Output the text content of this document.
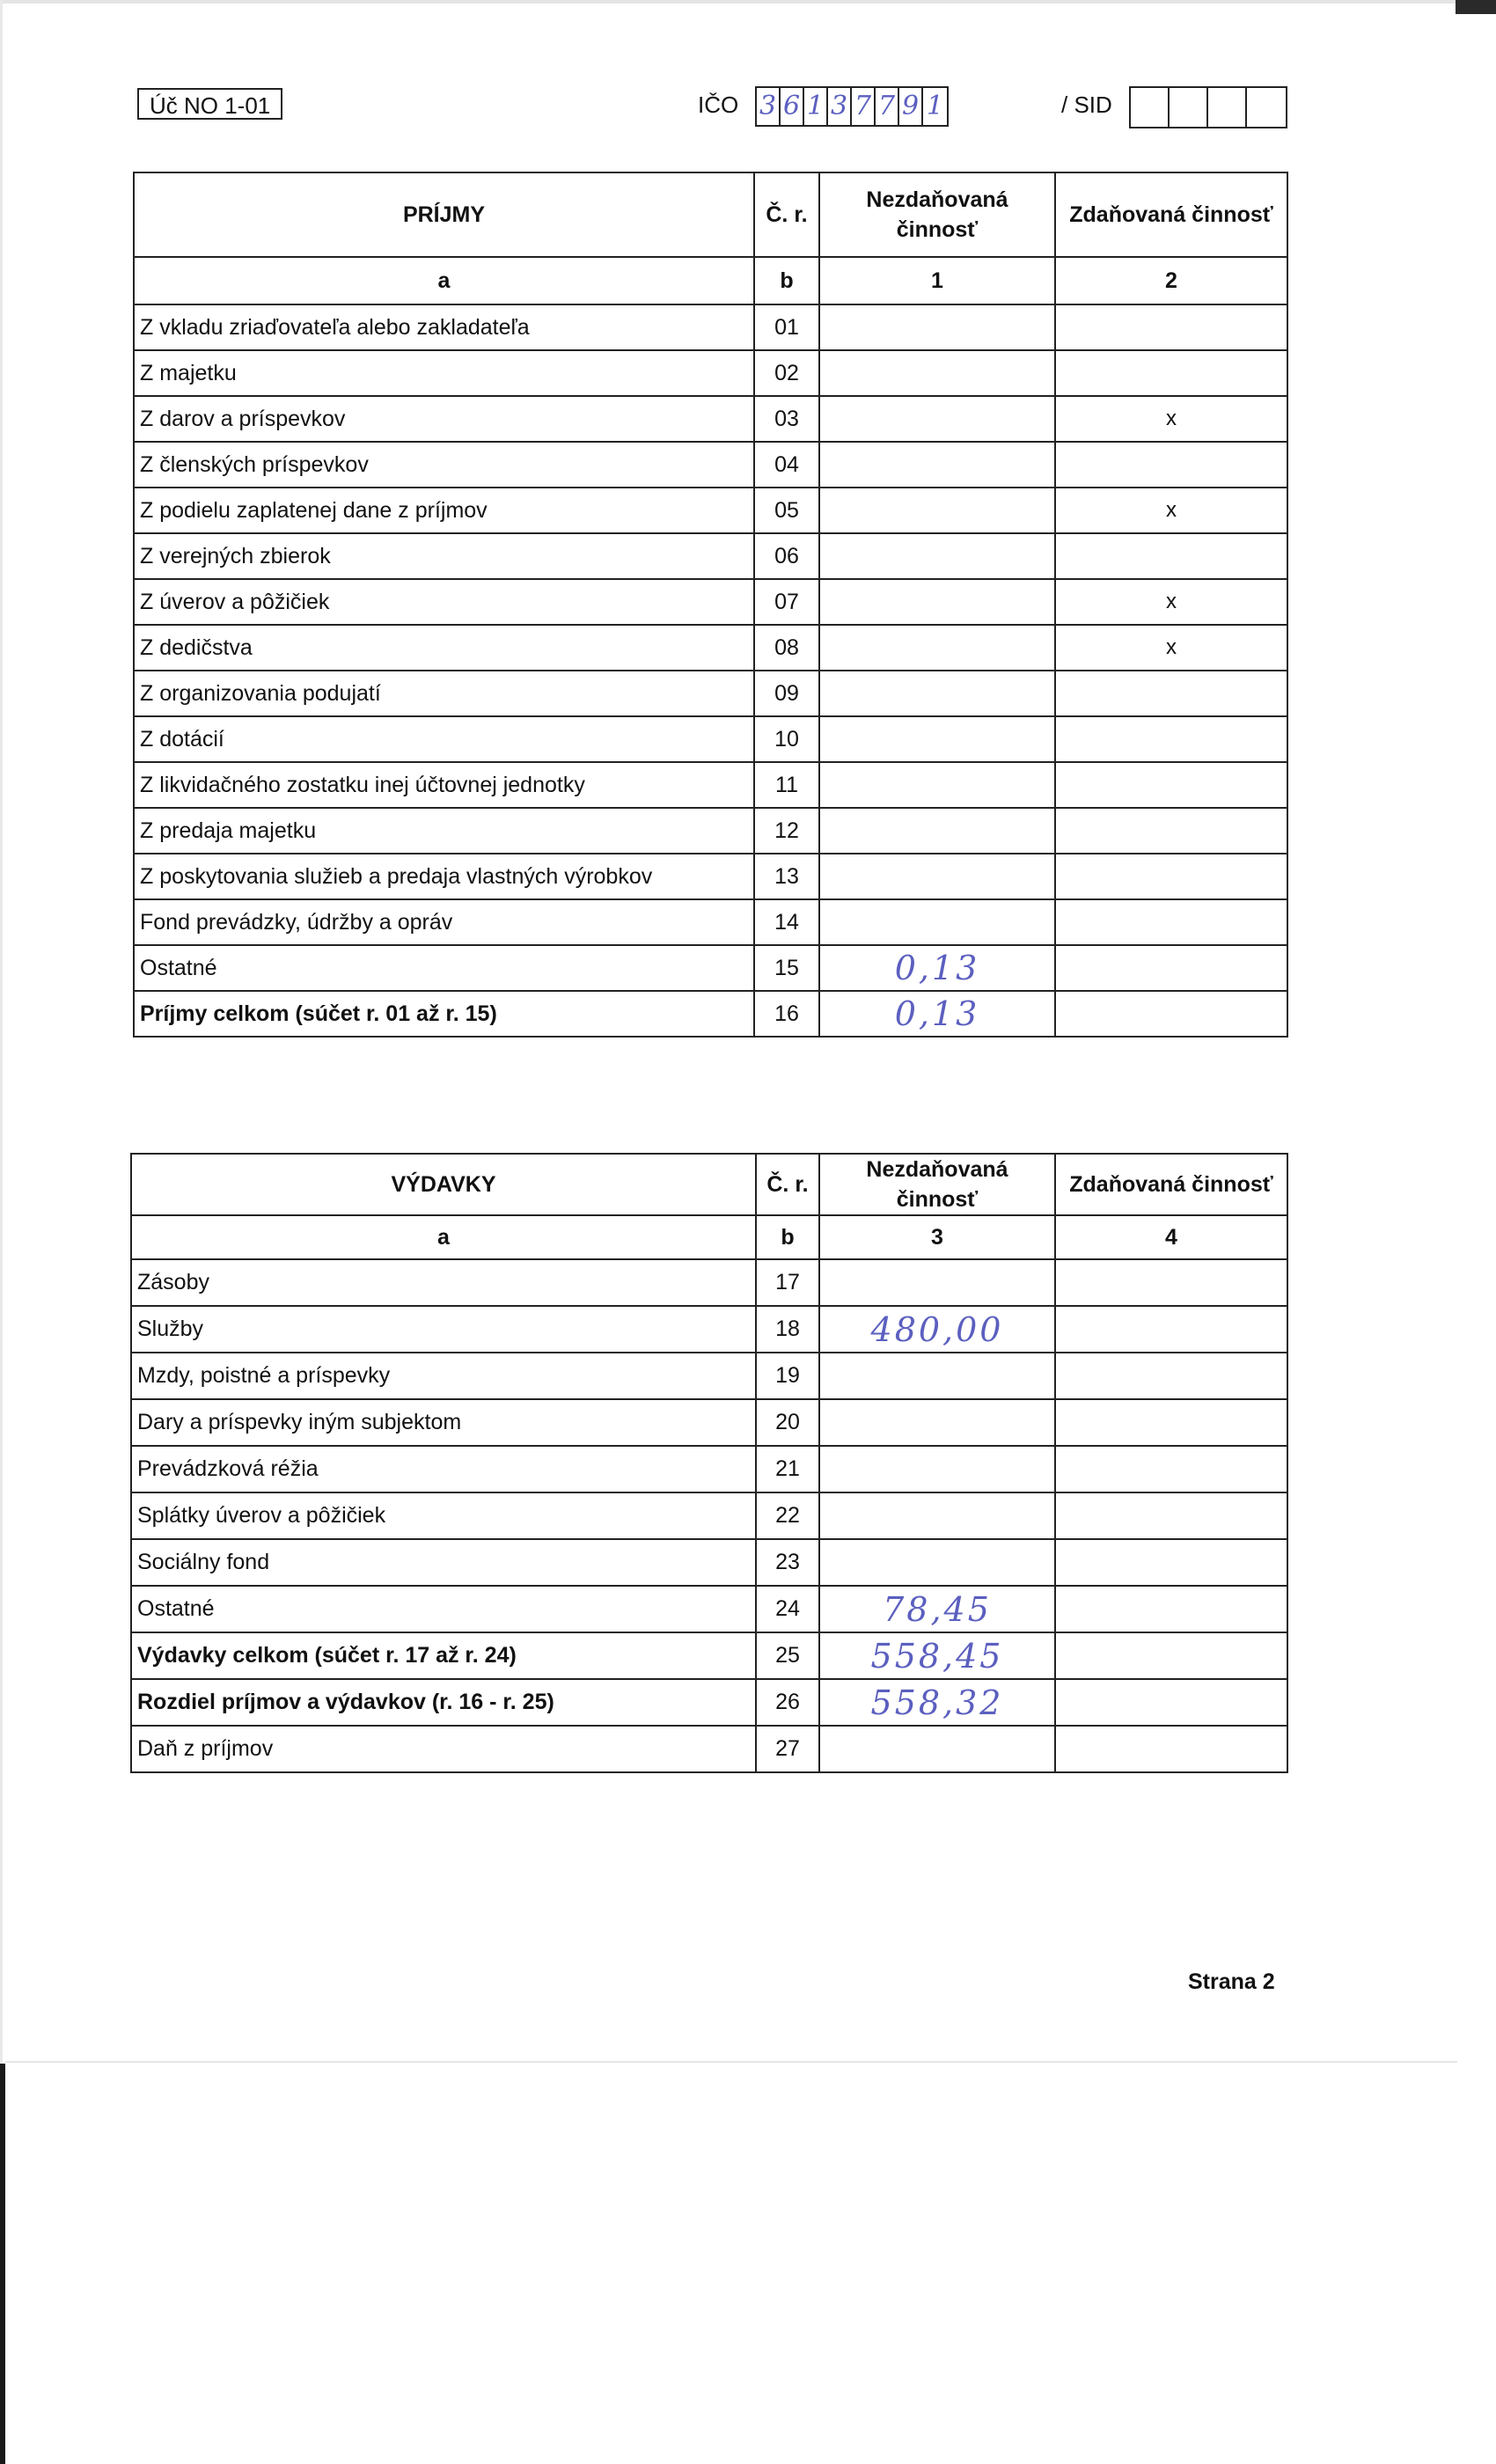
Úč NO 1-01	IČO 3 6 1 3 7 7 9 1	/ SID
PRÍJMY	Č. r.	Nezdaňovaná činnosť	Zdaňovaná činnosť
a	b	1	2
Z vkladu zriaďovateľa alebo zakladateľa	01		
Z majetku	02		
Z darov a príspevkov	03		x
Z členských príspevkov	04		
Z podielu zaplatenej dane z príjmov	05		x
Z verejných zbierok	06		
Z úverov a pôžičiek	07		x
Z dedičstva	08		x
Z organizovania podujatí	09		
Z dotácií	10		
Z likvidačného zostatku inej účtovnej jednotky	11		
Z predaja majetku	12		
Z poskytovania služieb a predaja vlastných výrobkov	13		
Fond prevádzky, údržby a opráv	14		
Ostatné	15	0,13	
Príjmy celkom (súčet r. 01 až r. 15)	16	0,13	
VÝDAVKY	Č. r.	Nezdaňovaná činnosť	Zdaňovaná činnosť
a	b	3	4
Zásoby	17		
Služby	18	480,00	
Mzdy, poistné a príspevky	19		
Dary a príspevky iným subjektom	20		
Prevádzková réžia	21		
Splátky úverov a pôžičiek	22		
Sociálny fond	23		
Ostatné	24	78,45	
Výdavky celkom (súčet r. 17 až r. 24)	25	558,45	
Rozdiel príjmov a výdavkov (r. 16 - r. 25)	26	558,32	
Daň z príjmov	27		
Strana 2
